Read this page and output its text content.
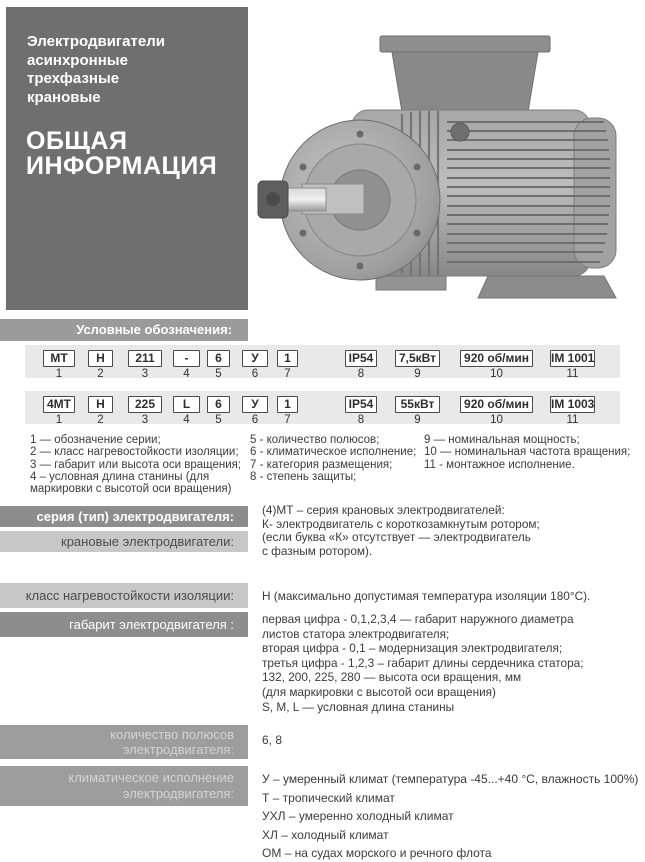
Электродвигатели
асинхронные
трехфазные
крановые
ОБЩАЯ
ИНФОРМАЦИЯ
Условные обозначения:
МТ
1
Н
2
211
3
-
4
6
5
У
6
1
7
IP54
8
7,5кВт
9
920 об/мин
10
IM 1001
11
4МТ
1
Н
2
225
3
L
4
6
5
У
6
1
7
IP54
8
55кВт
9
920 об/мин
10
IM 1003
11
1 — обозначение серии;
2 — класс нагревостойкости изоляции;
3 — габарит или высота оси вращения;
4 – условная длина станины (для
маркировки с высотой оси вращения)
5 - количество полюсов;
6 - климатическое исполнение;
7 - категория размещения;
8 - степень защиты;
9 — номинальная мощность;
10 — номинальная частота вращения;
11 - монтажное исполнение.
серия (тип) электродвигателя:
крановые электродвигатели:
(4)МТ – серия крановых электродвигателей:
К- электродвигатель с короткозамкнутым ротором;
(если буква «К» отсутствует — электродвигатель
с фазным ротором).
класс нагревостойкости изоляции:	Н (максимально допустимая температура изоляции 180°С).
габарит электродвигателя :	первая цифра - 0,1,2,3,4 — габарит наружного диаметра
листов статора электродвигателя;
вторая цифра - 0,1 – модернизация электродвигателя;
третья цифра - 1,2,3 – габарит длины сердечника статора;
132, 200, 225, 280 — высота оси вращения, мм
(для маркировки с высотой оси вращения)
S, M, L — условная длина станины
количество полюсов
электродвигателя:
6, 8
климатическое исполнение
электродвигателя:
У – умеренный климат (температура -45...+40 °С, влажность 100%)
Т – тропический климат
УХЛ – умеренно холодный климат
ХЛ – холодный климат
ОМ – на судах морского и речного флота
